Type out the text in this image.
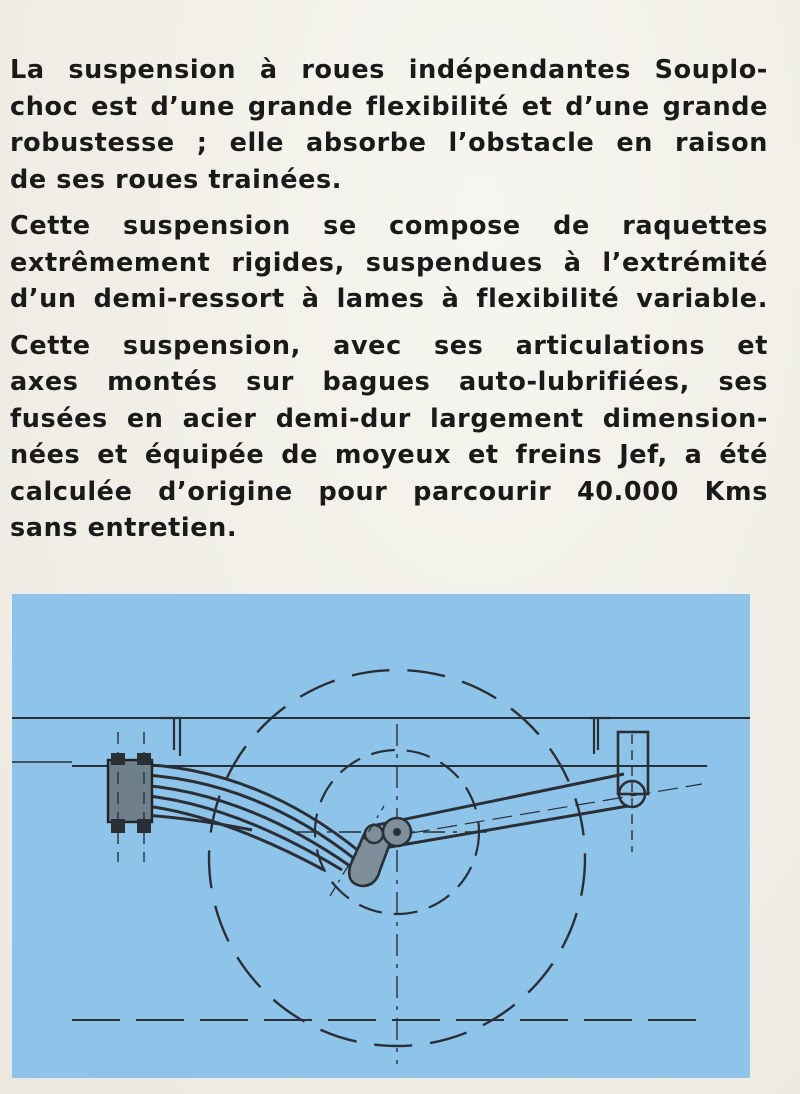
La suspension à roues indépendantes Souplo-
choc est d’une grande flexibilité et d’une grande
robustesse ; elle absorbe l’obstacle en raison
de ses roues trainées.

Cette suspension se compose de raquettes
extrêmement rigides, suspendues à l’extrémité
d’un demi-ressort à lames à flexibilité variable.

Cette suspension, avec ses articulations et
axes montés sur bagues auto-lubrifiées, ses
fusées en acier demi-dur largement dimension-
nées et équipée de moyeux et freins Jef, a été
calculée d’origine pour parcourir 40.000 Kms
sans entretien.
